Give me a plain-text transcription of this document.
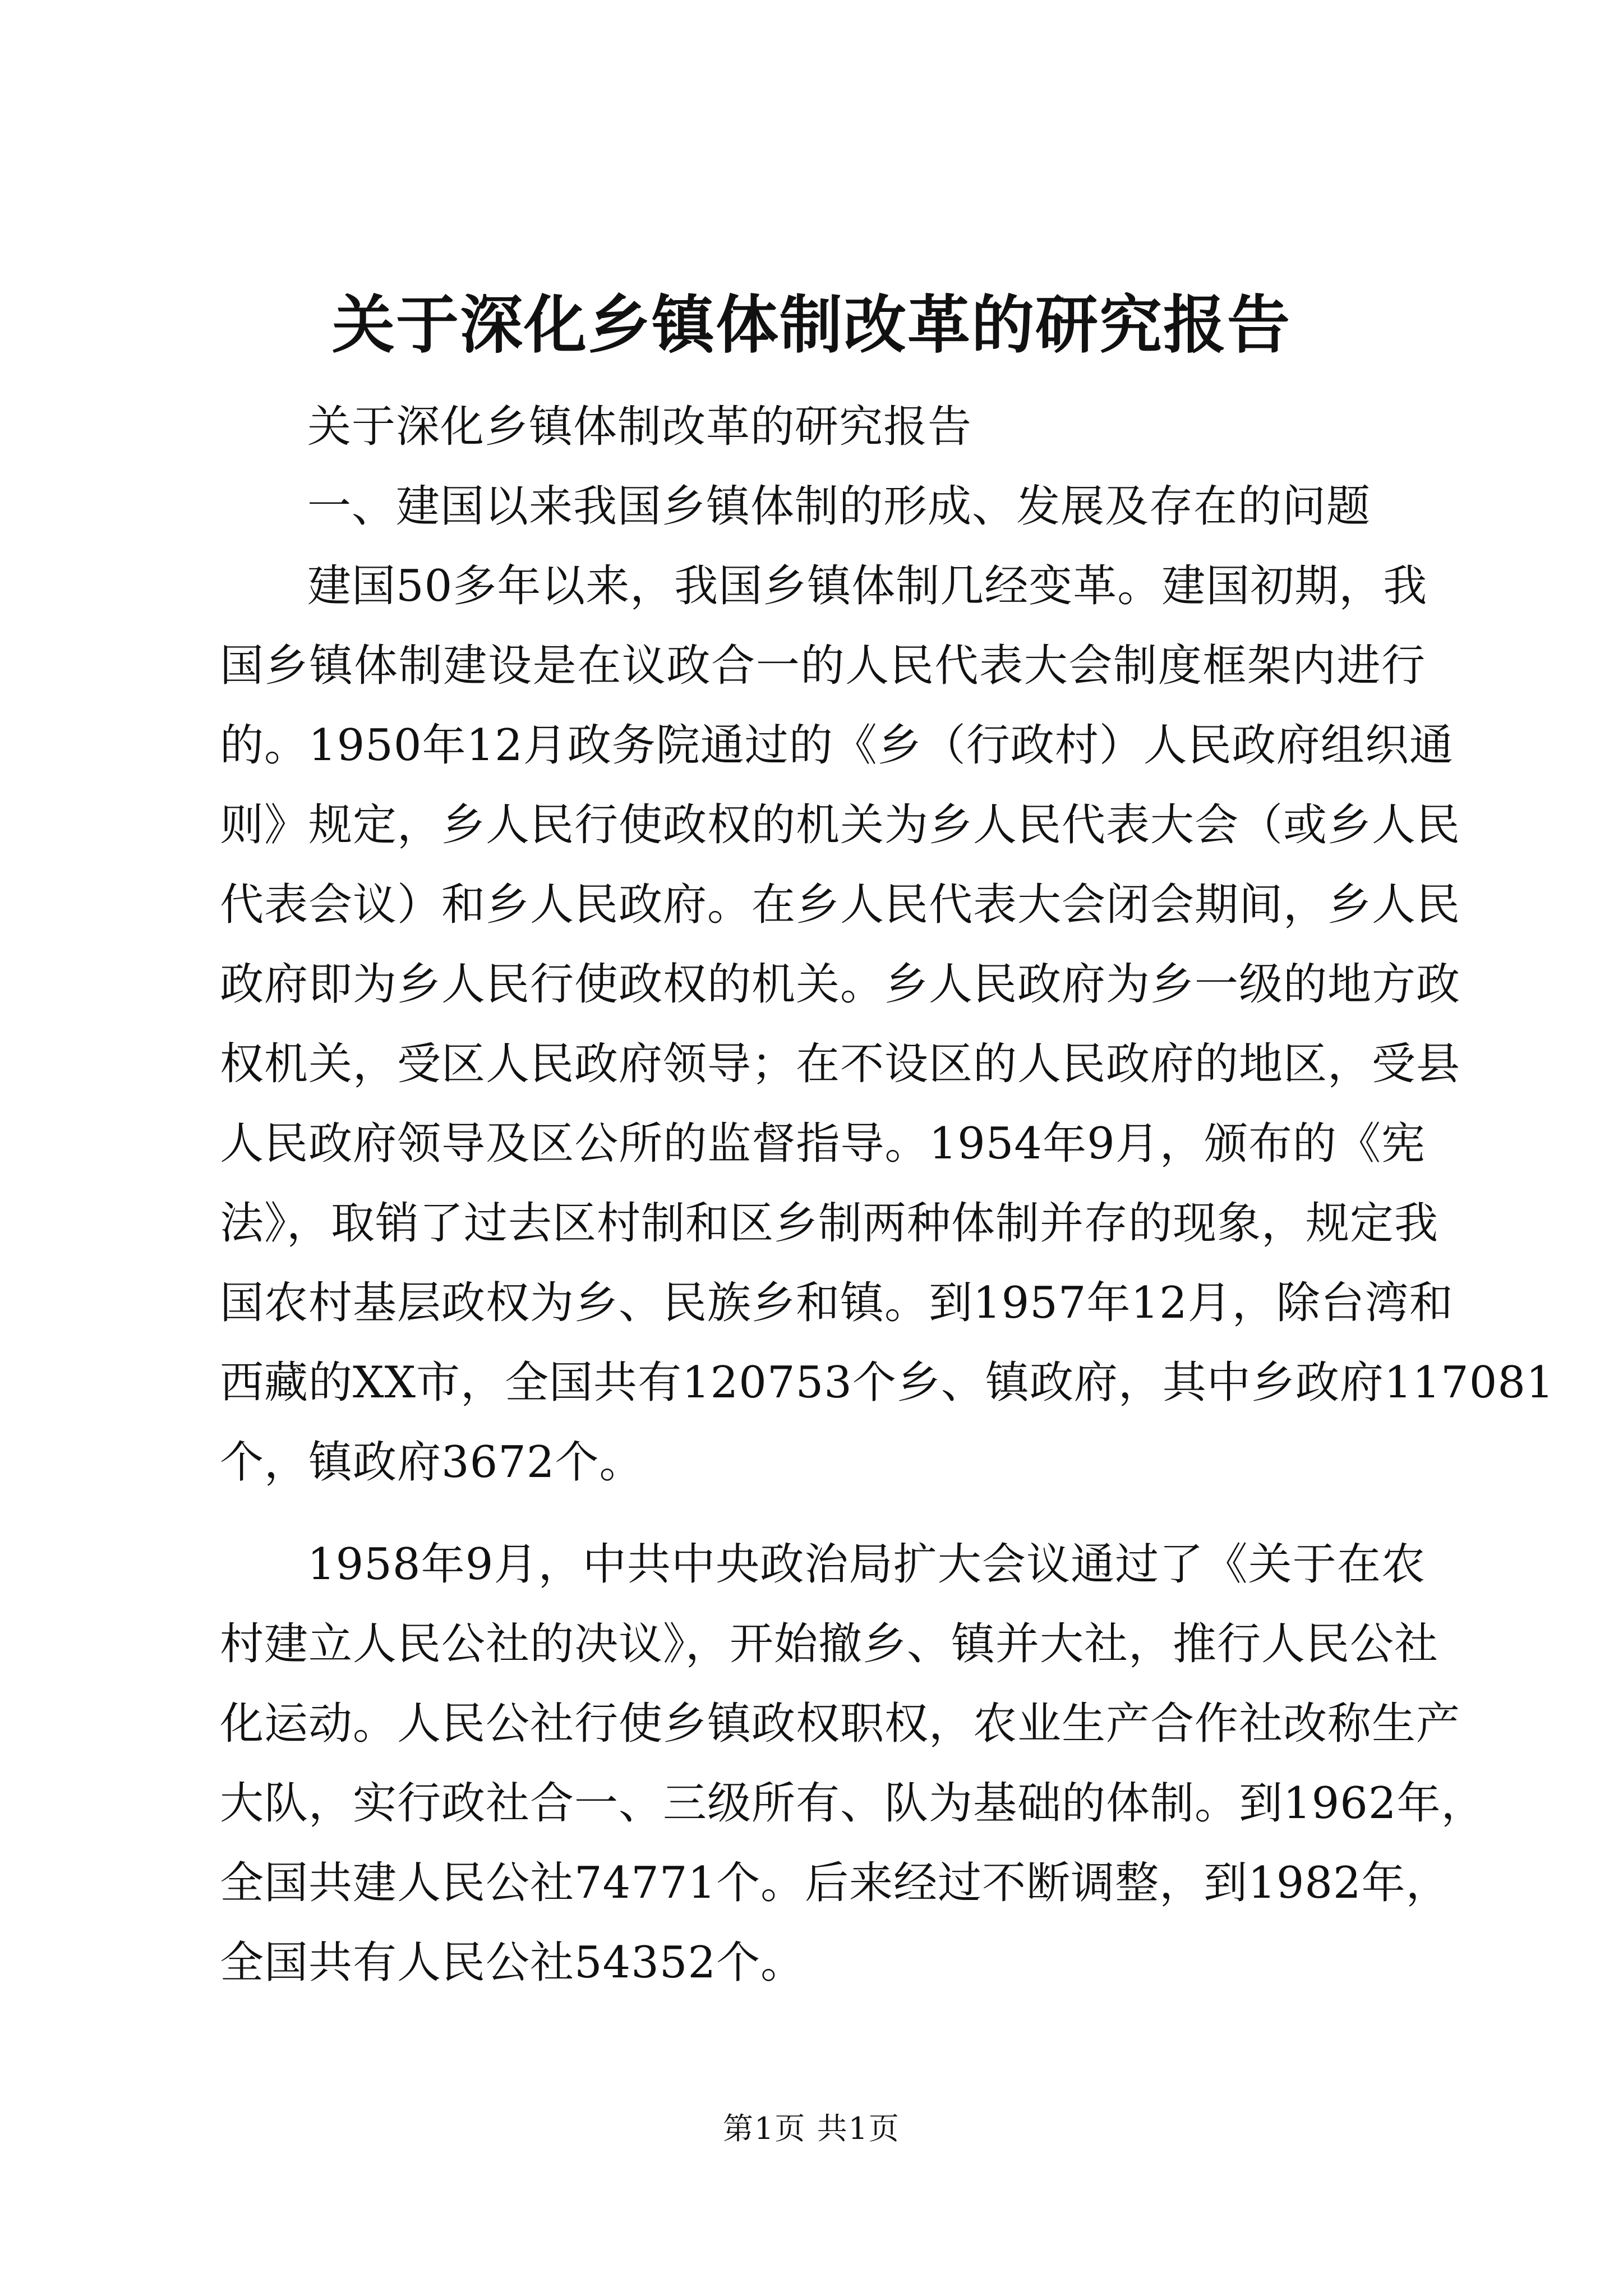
关于深化乡镇体制改革的研究报告

关于深化乡镇体制改革的研究报告

一、建国以来我国乡镇体制的形成、发展及存在的问题

建国50多年以来，我国乡镇体制几经变革。建国初期，我

国乡镇体制建设是在议政合一的人民代表大会制度框架内进行

的。1950年12月政务院通过的《乡（行政村）人民政府组织通

则》规定，乡人民行使政权的机关为乡人民代表大会（或乡人民

代表会议）和乡人民政府。在乡人民代表大会闭会期间，乡人民

政府即为乡人民行使政权的机关。乡人民政府为乡一级的地方政

权机关，受区人民政府领导；在不设区的人民政府的地区，受县

人民政府领导及区公所的监督指导。1954年9月，颁布的《宪

法》，取销了过去区村制和区乡制两种体制并存的现象，规定我

国农村基层政权为乡、民族乡和镇。到1957年12月，除台湾和

西藏的XX市，全国共有120753个乡、镇政府，其中乡政府117081

个，镇政府3672个。

1958年9月，中共中央政治局扩大会议通过了《关于在农

村建立人民公社的决议》，开始撤乡、镇并大社，推行人民公社

化运动。人民公社行使乡镇政权职权，农业生产合作社改称生产

大队，实行政社合一、三级所有、队为基础的体制。到1962年，

全国共建人民公社74771个。后来经过不断调整，到1982年，

全国共有人民公社54352个。

第1页 共1页
